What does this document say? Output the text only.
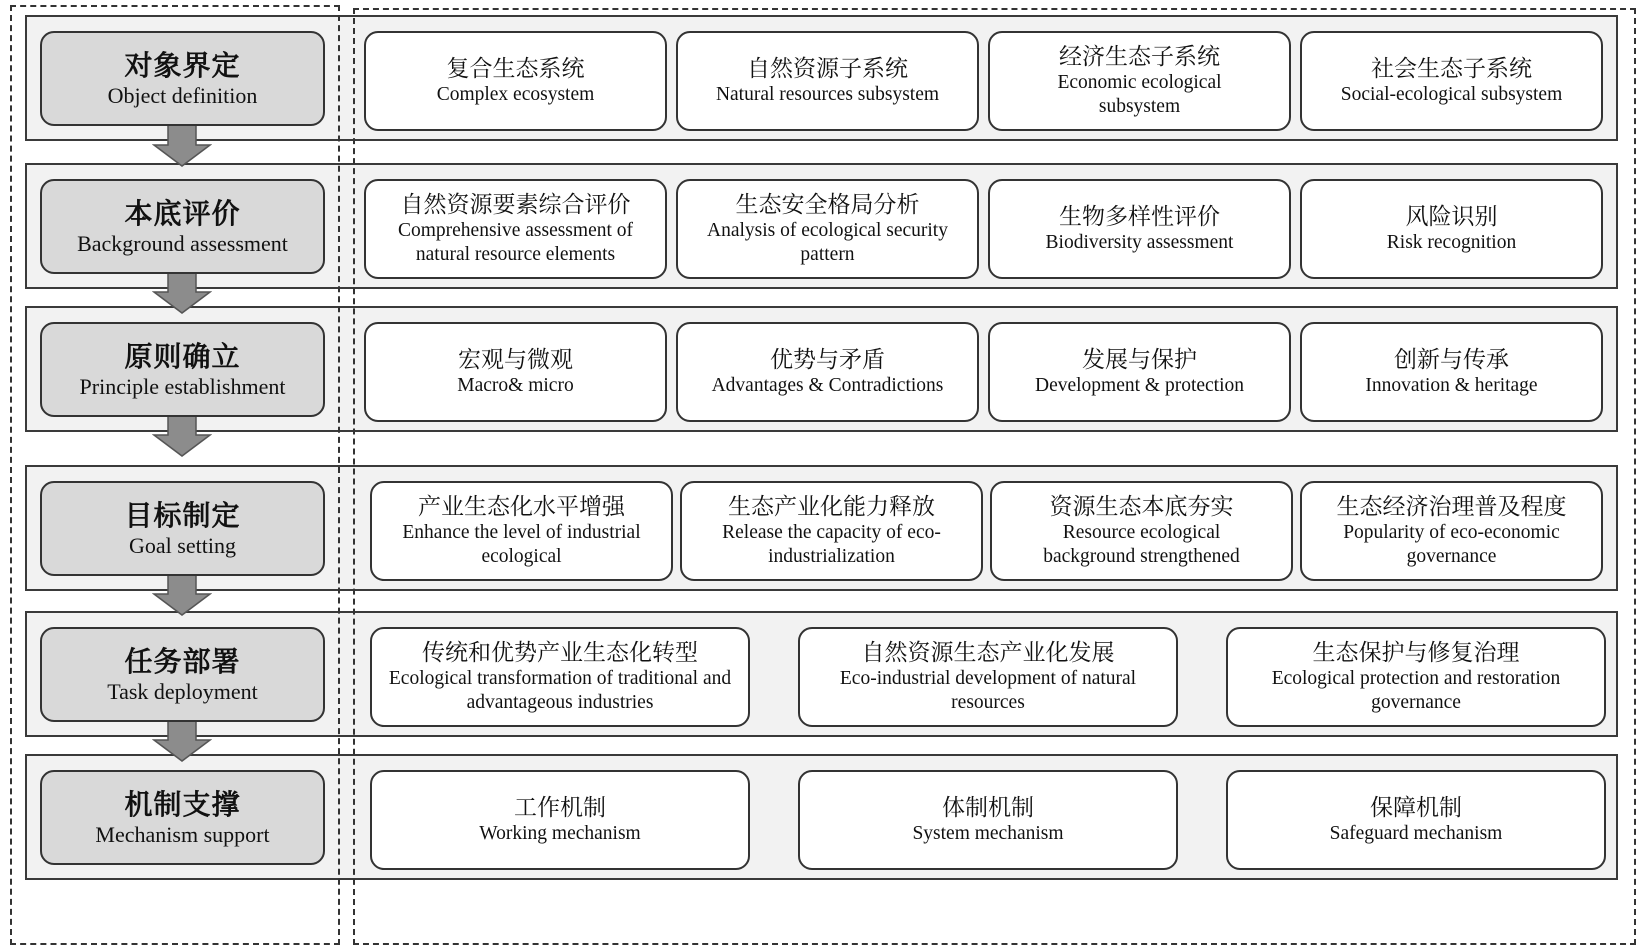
对象界定
Object definition
本底评价
Background assessment
原则确立
Principle establishment
目标制定
Goal setting
任务部署
Task deployment
机制支撑
Mechanism support
复合生态系统
Complex ecosystem
自然资源子系统
Natural resources subsystem
经济生态子系统
Economic ecological subsystem
社会生态子系统
Social-ecological subsystem
自然资源要素综合评价
Comprehensive assessment of natural resource elements
生态安全格局分析
Analysis of ecological security pattern
生物多样性评价
Biodiversity assessment
风险识别
Risk recognition
宏观与微观
Macro& micro
优势与矛盾
Advantages & Contradictions
发展与保护
Development & protection
创新与传承
Innovation & heritage
产业生态化水平增强
Enhance the level of industrial ecological
生态产业化能力释放
Release the capacity of eco-industrialization
资源生态本底夯实
Resource ecological background strengthened
生态经济治理普及程度
Popularity of eco-economic governance
传统和优势产业生态化转型
Ecological transformation of traditional and advantageous industries
自然资源生态产业化发展
Eco-industrial development of natural resources
生态保护与修复治理
Ecological protection and restoration governance
工作机制
Working mechanism
体制机制
System mechanism
保障机制
Safeguard mechanism
